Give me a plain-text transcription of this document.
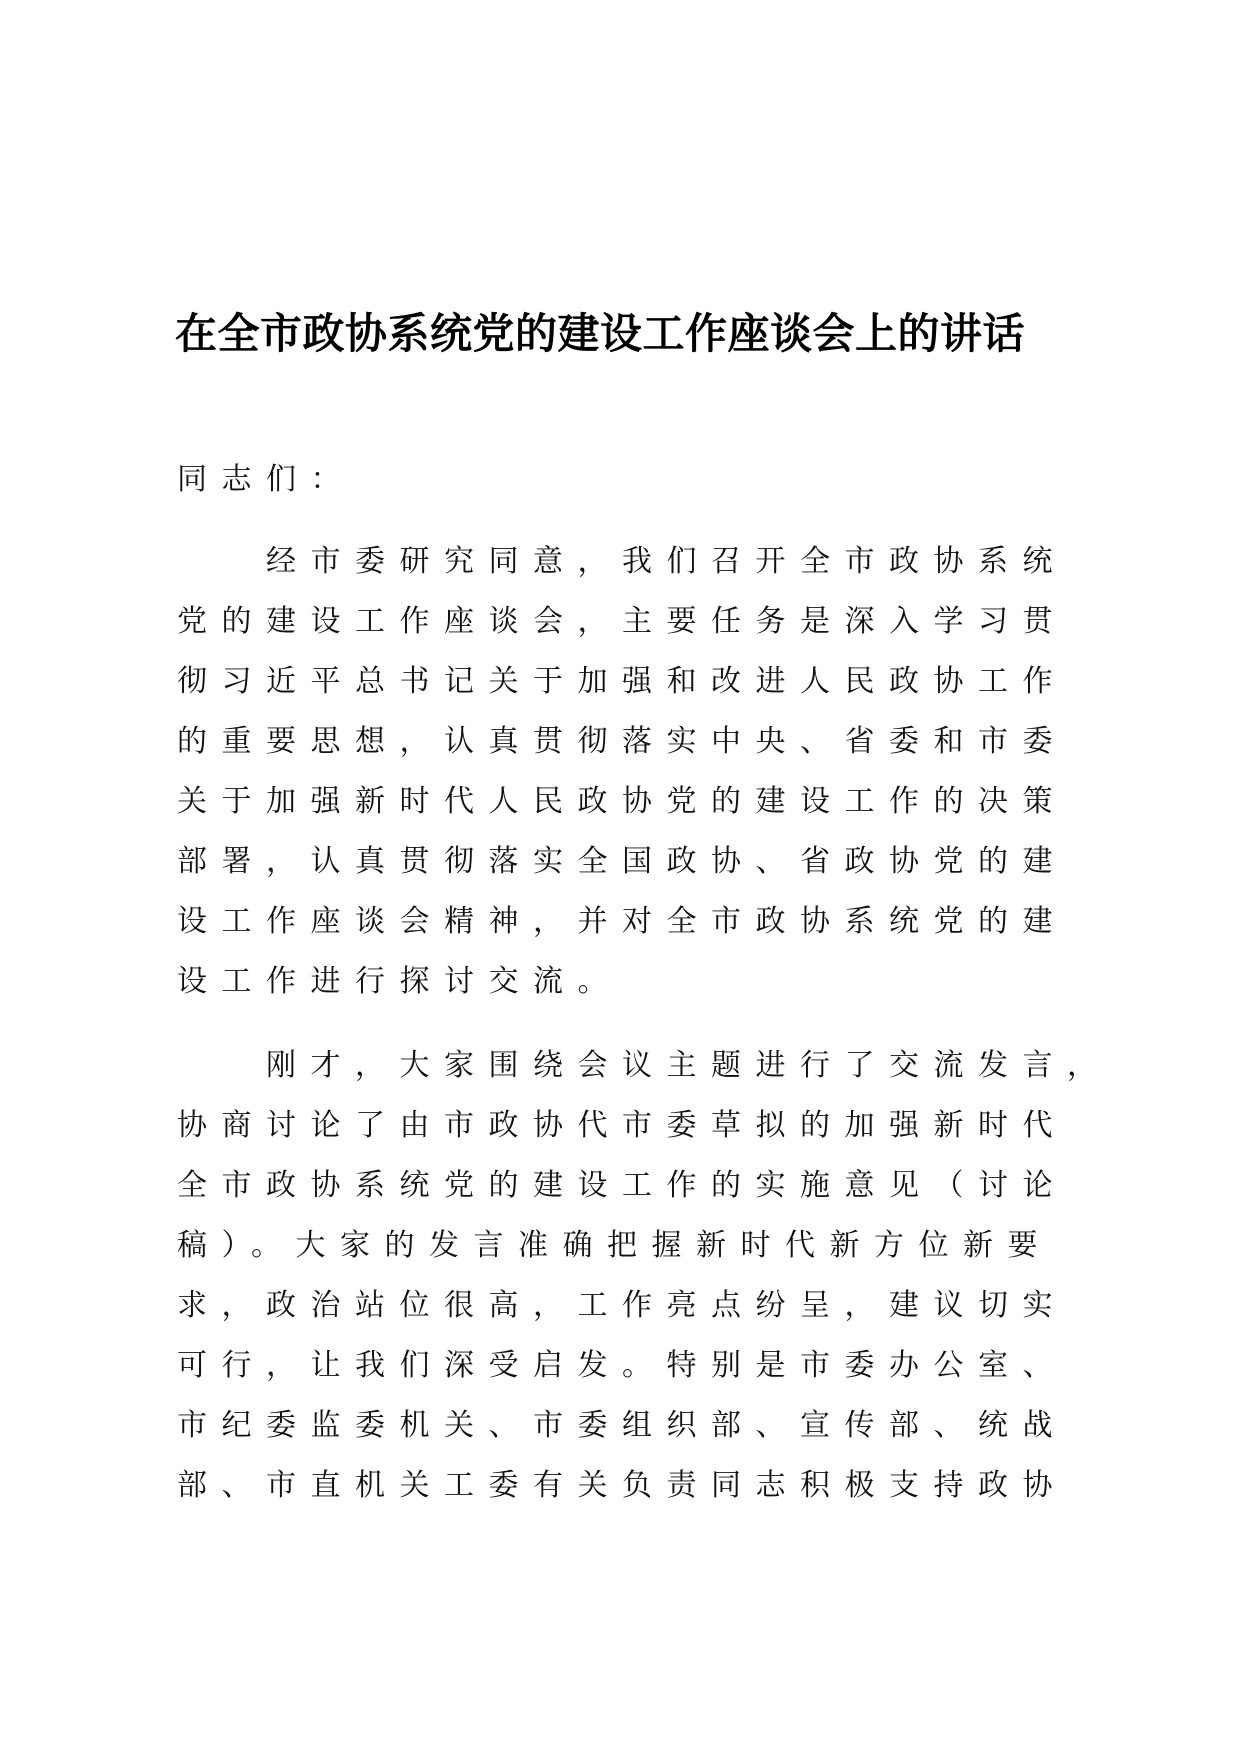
在全市政协系统党的建设工作座谈会上的讲话
同志们：
经市委研究同意，我们召开全市政协系统
党的建设工作座谈会，主要任务是深入学习贯
彻习近平总书记关于加强和改进人民政协工作
的重要思想，认真贯彻落实中央、省委和市委
关于加强新时代人民政协党的建设工作的决策
部署，认真贯彻落实全国政协、省政协党的建
设工作座谈会精神，并对全市政协系统党的建
设工作进行探讨交流。
刚才，大家围绕会议主题进行了交流发言，
协商讨论了由市政协代市委草拟的加强新时代
全市政协系统党的建设工作的实施意见（讨论
稿）。大家的发言准确把握新时代新方位新要
求，政治站位很高，工作亮点纷呈，建议切实
可行，让我们深受启发。特别是市委办公室、
市纪委监委机关、市委组织部、宣传部、统战
部、市直机关工委有关负责同志积极支持政协
